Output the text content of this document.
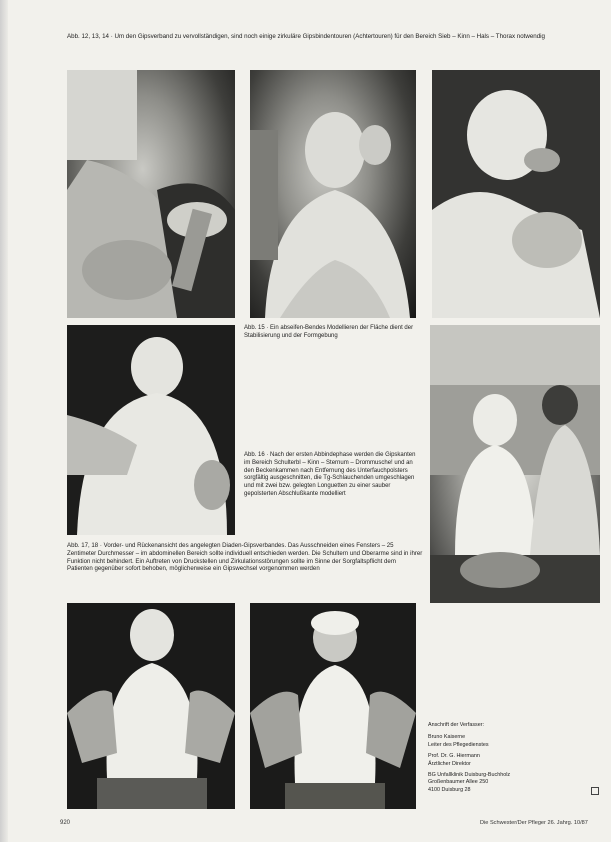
Abb. 12, 13, 14 · Um den Gipsverband zu vervollständigen, sind noch einige zirkuläre Gipsbindentouren (Achtertouren) für den Bereich Sieb – Kinn – Hals – Thorax notwendig
Abb. 15 · Ein abseifen-Bendes Modellieren der Fläche dient der Stabilisierung und der Formgebung
Abb. 16 · Nach der ersten Abbindephase werden die Gipskanten im Bereich Schulterbl – Kinn – Sternum – Drommusche! und an den Beckenkammen nach Entfernung des Unterfauchpolsters sorgfältig ausgeschnitten, die Tg-Schlauchenden umgeschlagen und mit zwei bzw. gelegten Longuetten zu einer sauber gepolsterten Abschlußkante modelliert
Abb. 17, 18 · Vorder- und Rückenansicht des angelegten Diaden-Gipsverbandes. Das Ausschneiden eines Fensters – 25 Zentimeter Durchmesser – im abdominellen Bereich sollte individuell entschieden werden. Die Schultern und Oberarme sind in ihrer Funktion nicht behindert. Ein Auftreten von Druckstellen und Zirkulationsstörungen sollte im Sinne der Sorgfaltspflicht dem Patienten gegenüber sofort behoben, möglicherweise ein Gipswechsel vorgenommen werden
Anschrift der Verfasser:
Bruno Kaiserne
Leiter des Pflegedienstes
Prof. Dr. G. Hiermann
Ärztlicher Direktor
BG Unfallklinik Duisburg-Buchholz
Großenbaumer Allee 250
4100 Duisburg 28
920	Die Schwester/Der Pfleger 26. Jahrg. 10/87
